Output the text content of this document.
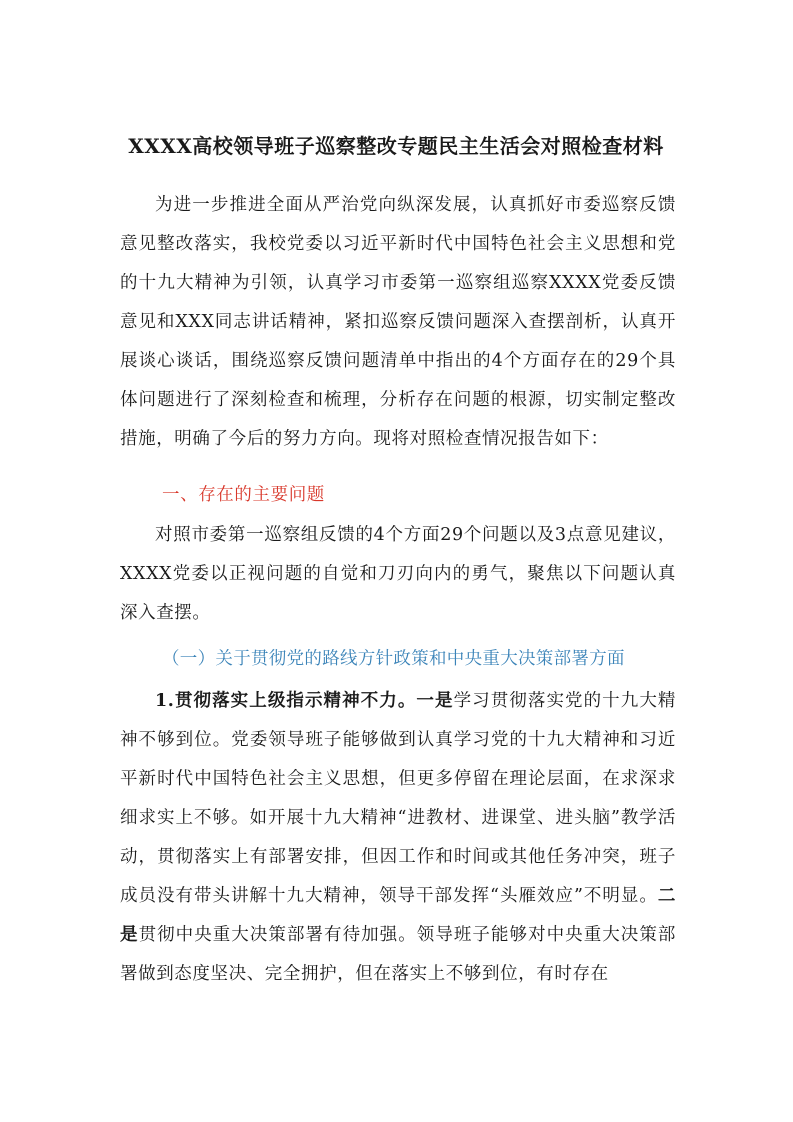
XXXX高校领导班子巡察整改专题民主生活会对照检查材料
为进一步推进全面从严治党向纵深发展，认真抓好市委巡察反馈意见整改落实，我校党委以习近平新时代中国特色社会主义思想和党的十九大精神为引领，认真学习市委第一巡察组巡察XXXX党委反馈意见和XXX同志讲话精神，紧扣巡察反馈问题深入查摆剖析，认真开展谈心谈话，围绕巡察反馈问题清单中指出的4个方面存在的29个具体问题进行了深刻检查和梳理，分析存在问题的根源，切实制定整改措施，明确了今后的努力方向。现将对照检查情况报告如下：
一、存在的主要问题
对照市委第一巡察组反馈的4个方面29个问题以及3点意见建议，XXXX党委以正视问题的自觉和刀刃向内的勇气，聚焦以下问题认真深入查摆。
（一）关于贯彻党的路线方针政策和中央重大决策部署方面
1.贯彻落实上级指示精神不力。一是学习贯彻落实党的十九大精神不够到位。党委领导班子能够做到认真学习党的十九大精神和习近平新时代中国特色社会主义思想，但更多停留在理论层面，在求深求细求实上不够。如开展十九大精神“进教材、进课堂、进头脑”教学活动，贯彻落实上有部署安排，但因工作和时间或其他任务冲突，班子成员没有带头讲解十九大精神，领导干部发挥“头雁效应”不明显。二是贯彻中央重大决策部署有待加强。领导班子能够对中央重大决策部署做到态度坚决、完全拥护，但在落实上不够到位，有时存在
